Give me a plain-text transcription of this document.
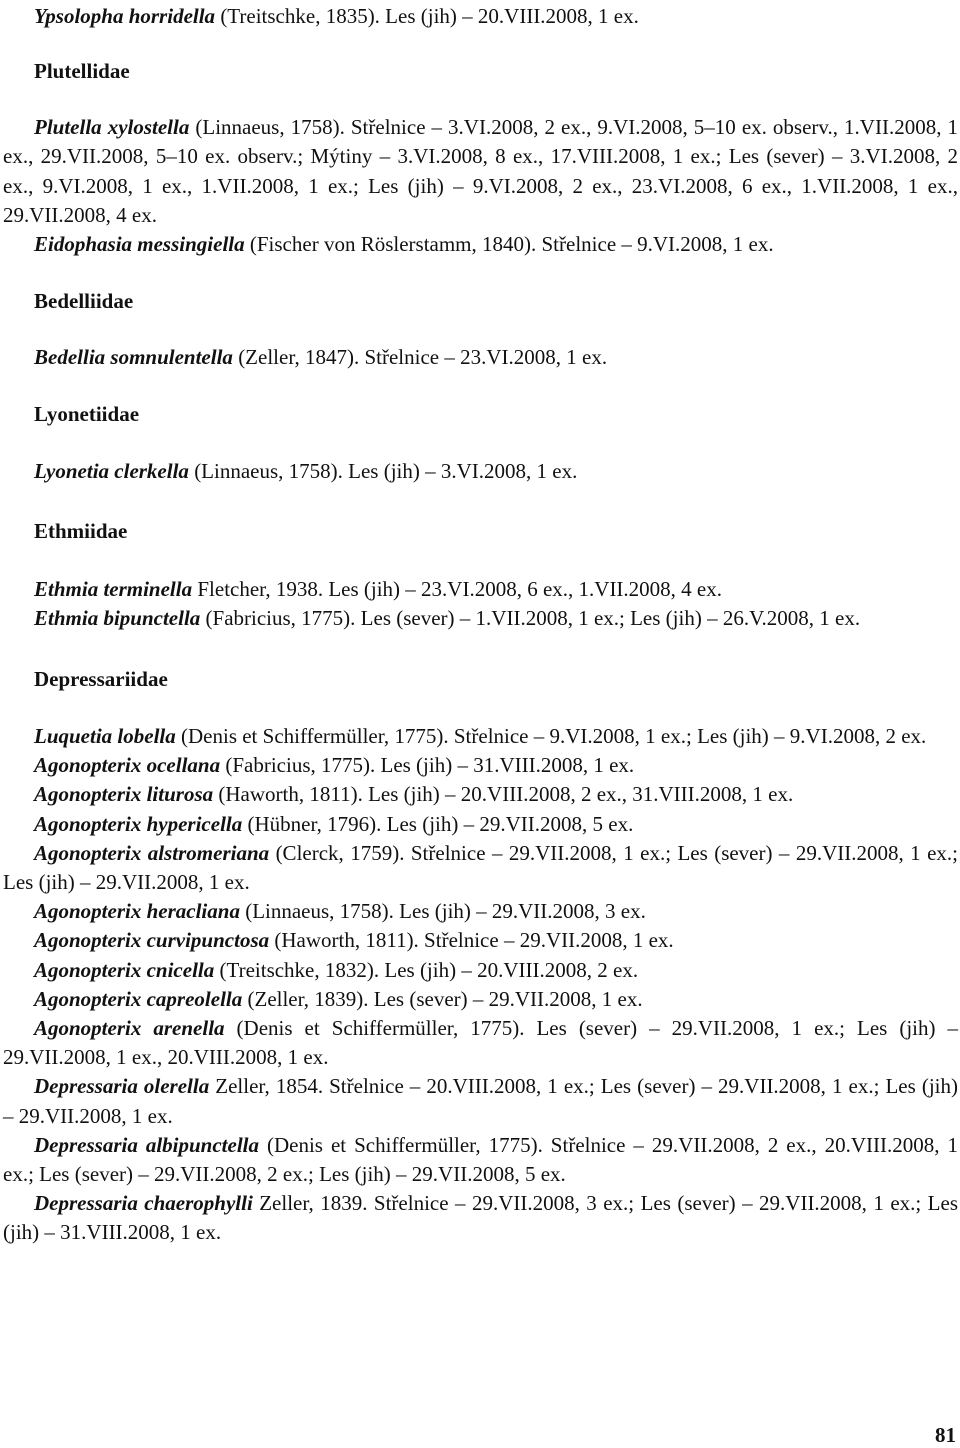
Ypsolopha horridella (Treitschke, 1835). Les (jih) – 20.VIII.2008, 1 ex.

Plutellidae

Plutella xylostella (Linnaeus, 1758). Střelnice – 3.VI.2008, 2 ex., 9.VI.2008, 5–10 ex. observ., 1.VII.2008, 1 ex., 29.VII.2008, 5–10 ex. observ.; Mýtiny – 3.VI.2008, 8 ex., 17.VIII.2008, 1 ex.; Les (sever) – 3.VI.2008, 2 ex., 9.VI.2008, 1 ex., 1.VII.2008, 1 ex.; Les (jih) – 9.VI.2008, 2 ex., 23.VI.2008, 6 ex., 1.VII.2008, 1 ex., 29.VII.2008, 4 ex.

Eidophasia messingiella (Fischer von Röslerstamm, 1840). Střelnice – 9.VI.2008, 1 ex.

Bedelliidae

Bedellia somnulentella (Zeller, 1847). Střelnice – 23.VI.2008, 1 ex.

Lyonetiidae

Lyonetia clerkella (Linnaeus, 1758). Les (jih) – 3.VI.2008, 1 ex.

Ethmiidae

Ethmia terminella Fletcher, 1938. Les (jih) – 23.VI.2008, 6 ex., 1.VII.2008, 4 ex.

Ethmia bipunctella (Fabricius, 1775). Les (sever) – 1.VII.2008, 1 ex.; Les (jih) – 26.V.2008, 1 ex.

Depressariidae

Luquetia lobella (Denis et Schiffermüller, 1775). Střelnice – 9.VI.2008, 1 ex.; Les (jih) – 9.VI.2008, 2 ex.

Agonopterix ocellana (Fabricius, 1775). Les (jih) – 31.VIII.2008, 1 ex.

Agonopterix liturosa (Haworth, 1811). Les (jih) – 20.VIII.2008, 2 ex., 31.VIII.2008, 1 ex.

Agonopterix hypericella (Hübner, 1796). Les (jih) – 29.VII.2008, 5 ex.

Agonopterix alstromeriana (Clerck, 1759). Střelnice – 29.VII.2008, 1 ex.; Les (sever) – 29.VII.2008, 1 ex.; Les (jih) – 29.VII.2008, 1 ex.

Agonopterix heracliana (Linnaeus, 1758). Les (jih) – 29.VII.2008, 3 ex.

Agonopterix curvipunctosa (Haworth, 1811). Střelnice – 29.VII.2008, 1 ex.

Agonopterix cnicella (Treitschke, 1832). Les (jih) – 20.VIII.2008, 2 ex.

Agonopterix capreolella (Zeller, 1839). Les (sever) – 29.VII.2008, 1 ex.

Agonopterix arenella (Denis et Schiffermüller, 1775). Les (sever) – 29.VII.2008, 1 ex.; Les (jih) – 29.VII.2008, 1 ex., 20.VIII.2008, 1 ex.

Depressaria olerella Zeller, 1854. Střelnice – 20.VIII.2008, 1 ex.; Les (sever) – 29.VII.2008, 1 ex.; Les (jih) – 29.VII.2008, 1 ex.

Depressaria albipunctella (Denis et Schiffermüller, 1775). Střelnice – 29.VII.2008, 2 ex., 20.VIII.2008, 1 ex.; Les (sever) – 29.VII.2008, 2 ex.; Les (jih) – 29.VII.2008, 5 ex.

Depressaria chaerophylli Zeller, 1839. Střelnice – 29.VII.2008, 3 ex.; Les (sever) – 29.VII.2008, 1 ex.; Les (jih) – 31.VIII.2008, 1 ex.

81
